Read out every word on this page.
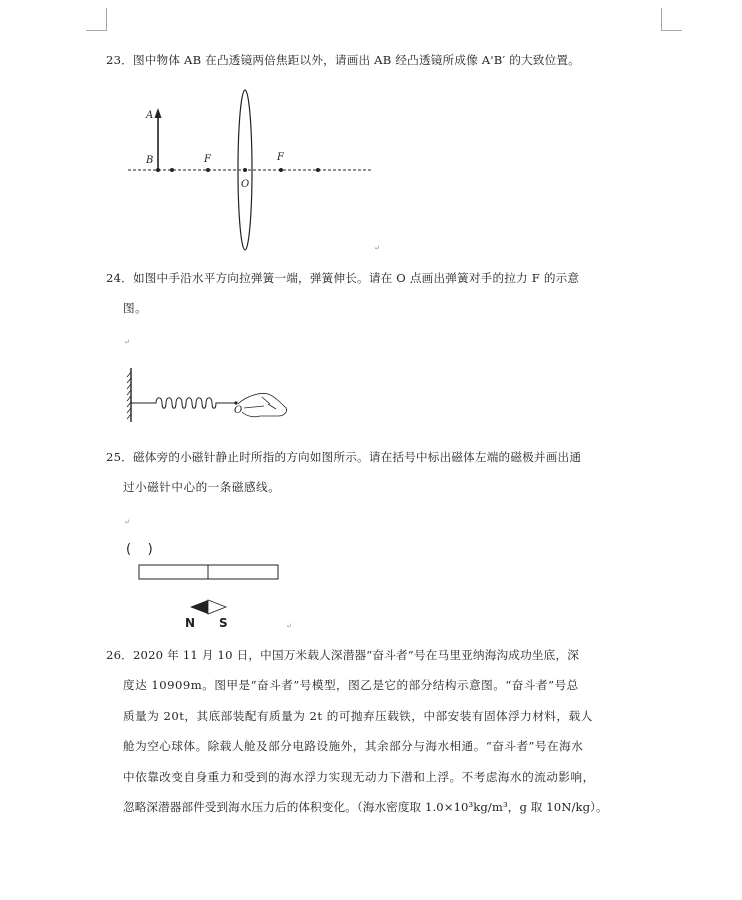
23．图中物体 AB 在凸透镜两倍焦距以外，请画出 AB 经凸透镜所成像 A'B′ 的大致位置。
A
B	F	F
O
↵
24．如图中手沿水平方向拉弹簧一端，弹簧伸长。请在 O 点画出弹簧对手的拉力 F 的示意
图。
↵
O
25．磁体旁的小磁针静止时所指的方向如图所示。请在括号中标出磁体左端的磁极并画出通
过小磁针中心的一条磁感线。
↵
(    )
N S	↵
26．2020 年 11 月 10 日，中国万米载人深潜器“奋斗者”号在马里亚纳海沟成功坐底，深
度达 10909m。图甲是“奋斗者”号模型，图乙是它的部分结构示意图。“奋斗者”号总
质量为 20t，其底部装配有质量为 2t 的可抛弃压载铁，中部安装有固体浮力材料，载人
舱为空心球体。除载人舱及部分电路设施外，其余部分与海水相通。“奋斗者”号在海水
中依靠改变自身重力和受到的海水浮力实现无动力下潜和上浮。不考虑海水的流动影响，
忽略深潜器部件受到海水压力后的体积变化。（海水密度取 1.0×10³kg/m³，g 取 10N/kg）。
